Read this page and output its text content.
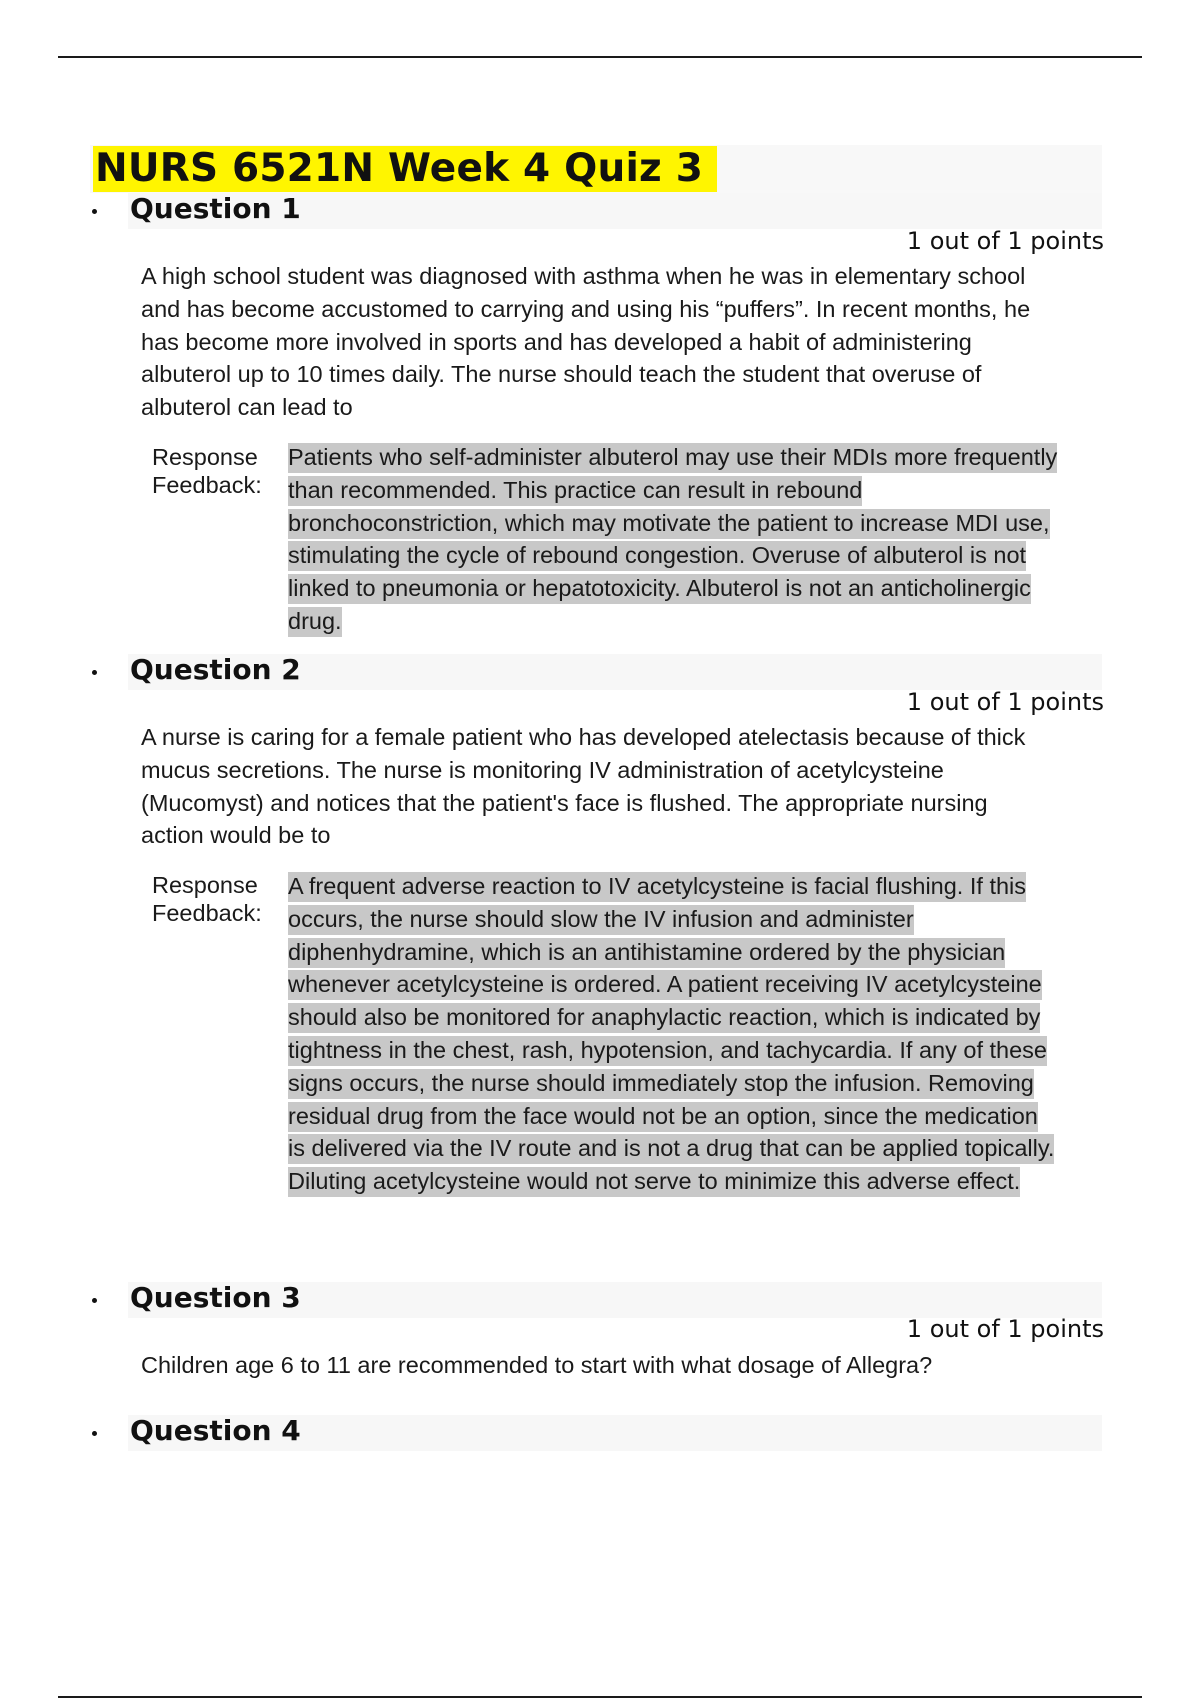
NURS 6521N Week 4 Quiz 3
Question 1
1 out of 1 points

A high school student was diagnosed with asthma when he was in elementary school and has become accustomed to carrying and using his “puffers”. In recent months, he has become more involved in sports and has developed a habit of administering albuterol up to 10 times daily. The nurse should teach the student that overuse of albuterol can lead to

Response Feedback:

Patients who self-administer albuterol may use their MDIs more frequently than recommended. This practice can result in rebound bronchoconstriction, which may motivate the patient to increase MDI use, stimulating the cycle of rebound congestion. Overuse of albuterol is not linked to pneumonia or hepatotoxicity. Albuterol is not an anticholinergic drug.

Question 2
1 out of 1 points

A nurse is caring for a female patient who has developed atelectasis because of thick mucus secretions. The nurse is monitoring IV administration of acetylcysteine (Mucomyst) and notices that the patient's face is flushed. The appropriate nursing action would be to

Response Feedback:

A frequent adverse reaction to IV acetylcysteine is facial flushing. If this occurs, the nurse should slow the IV infusion and administer diphenhydramine, which is an antihistamine ordered by the physician whenever acetylcysteine is ordered. A patient receiving IV acetylcysteine should also be monitored for anaphylactic reaction, which is indicated by tightness in the chest, rash, hypotension, and tachycardia. If any of these signs occurs, the nurse should immediately stop the infusion. Removing residual drug from the face would not be an option, since the medication is delivered via the IV route and is not a drug that can be applied topically. Diluting acetylcysteine would not serve to minimize this adverse effect.

Question 3
1 out of 1 points

Children age 6 to 11 are recommended to start with what dosage of Allegra?

Question 4
